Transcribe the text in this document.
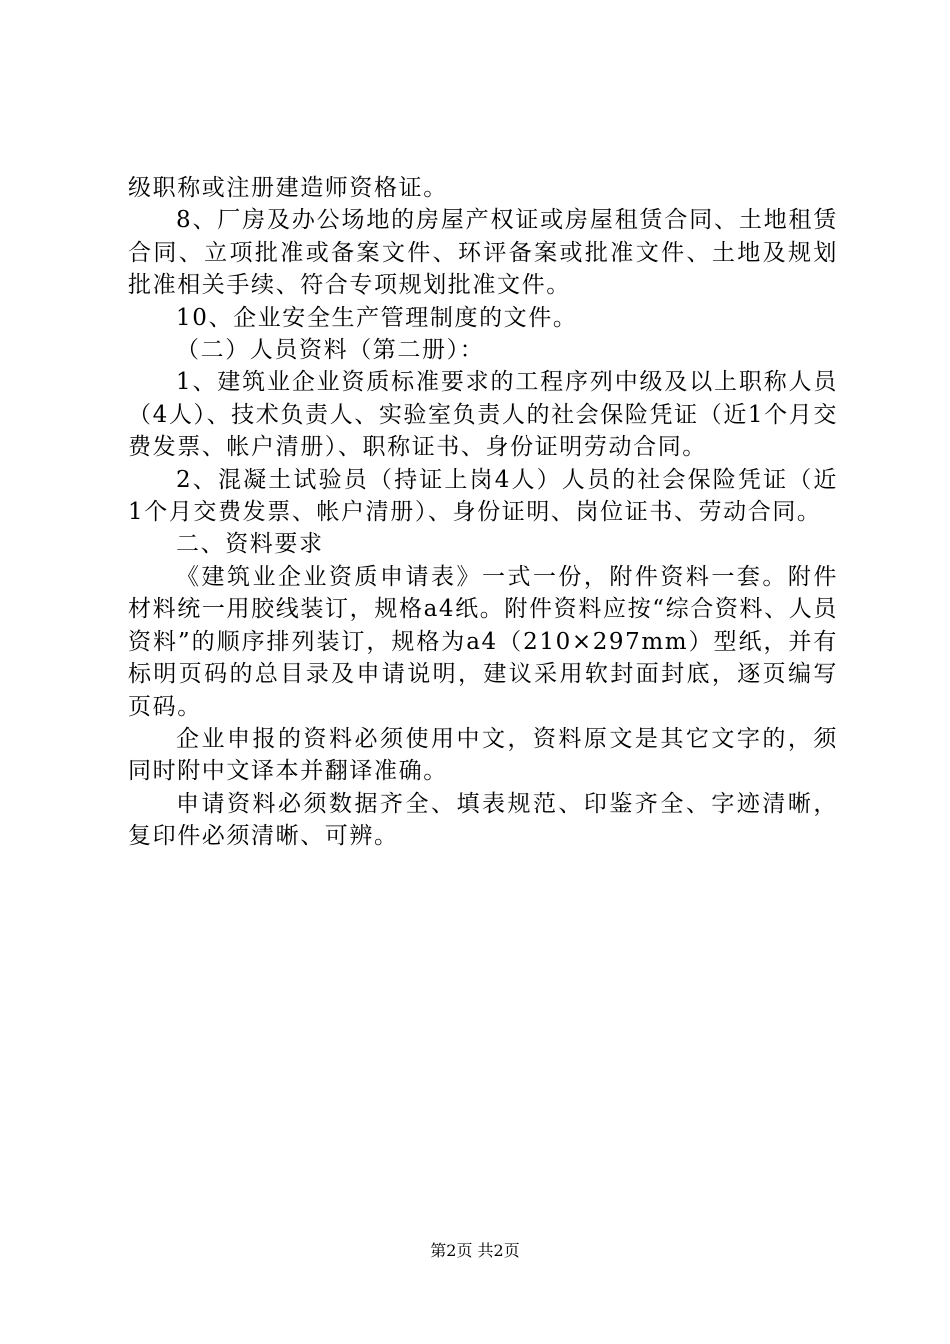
级职称或注册建造师资格证。

8、厂房及办公场地的房屋产权证或房屋租赁合同、土地租赁合同、立项批准或备案文件、环评备案或批准文件、土地及规划批准相关手续、符合专项规划批准文件。

10、企业安全生产管理制度的文件。

（二）人员资料（第二册）：

1、建筑业企业资质标准要求的工程序列中级及以上职称人员（4人）、技术负责人、实验室负责人的社会保险凭证（近1个月交费发票、帐户清册）、职称证书、身份证明劳动合同。

2、混凝土试验员（持证上岗4人）人员的社会保险凭证（近1个月交费发票、帐户清册）、身份证明、岗位证书、劳动合同。

二、资料要求

《建筑业企业资质申请表》一式一份，附件资料一套。附件材料统一用胶线装订，规格a4纸。附件资料应按“综合资料、人员资料”的顺序排列装订，规格为a4（210×297mm）型纸，并有标明页码的总目录及申请说明，建议采用软封面封底，逐页编写页码。

企业申报的资料必须使用中文，资料原文是其它文字的，须同时附中文译本并翻译准确。

申请资料必须数据齐全、填表规范、印鉴齐全、字迹清晰，复印件必须清晰、可辨。

第2页 共2页
